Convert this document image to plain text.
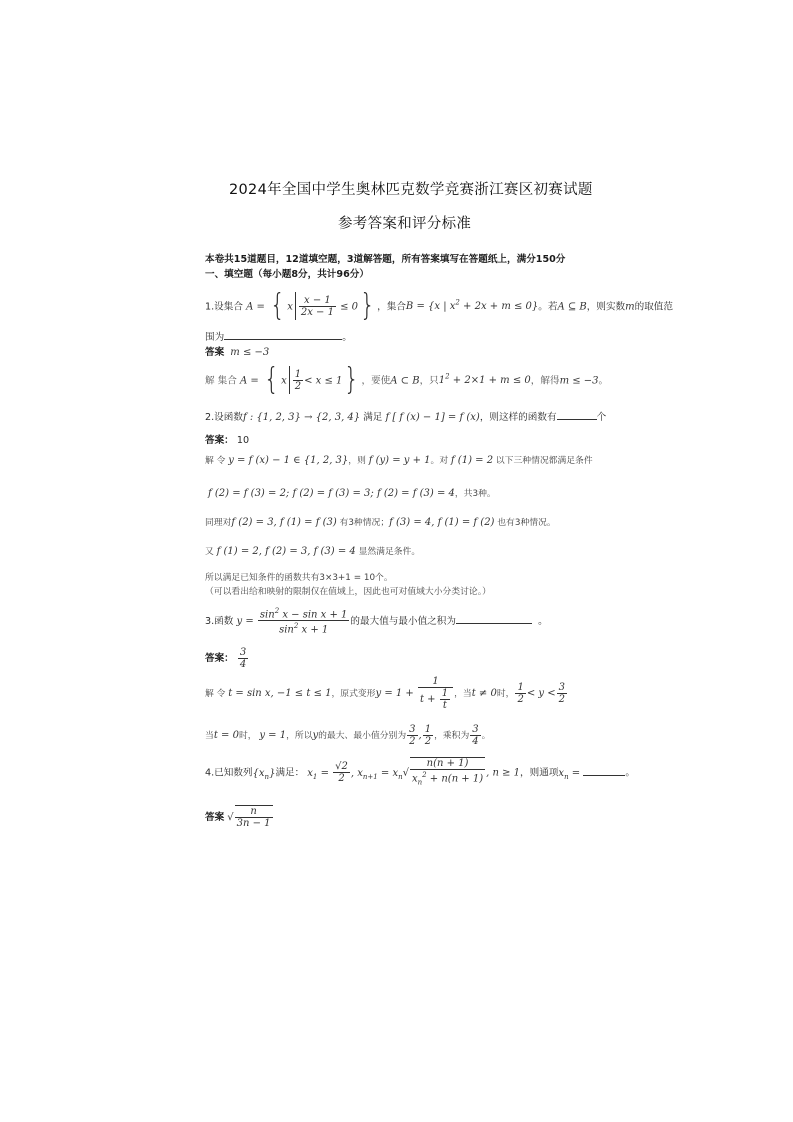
2024年全国中学生奥林匹克数学竞赛浙江赛区初赛试题
参考答案和评分标准
本卷共15道题目，12道填空题，3道解答题，所有答案填写在答题纸上，满分150分
一、填空题（每小题8分，共计96分）
1.设集合 A = { x $\frac{x - 1}{2x - 1} \le 0$} ，集合B = {x | $x^2 + 2x + m \le 0$}。若A ⊆ B，则实数m的取值范
围为	。
答案 m ≤ −3
解 集合 A = { x $\frac{1}{2} < x \le 1$} ，要使A ⊂ B，只$1^2 + 2\times 1 + m \le 0$，解得m ≤ −3。
2.设函数f : {1, 2, 3} → {2, 3, 4} 满足 f [ f (x) − 1] = f (x)，则这样的函数有	个
答案： 10
解 令 y = f (x) − 1 ∈ {1, 2, 3}，则 f (y) = y + 1。对 f (1) = 2 以下三种情况都满足条件
f (2) = f (3) = 2; f (2) = f (3) = 3; f (2) = f (3) = 4，共3种。
同理对f (2) = 3, f (1) = f (3) 有3种情况；f (3) = 4, f (1) = f (2) 也有3种情况。
又 f (1) = 2, f (2) = 3, f (3) = 4 显然满足条件。
所以满足已知条件的函数共有3×3+1 = 10个。
（可以看出给和映射的限制仅在值域上，因此也可对值域大小分类讨论。）
3.函数 $y = \frac{\sin^2 x - \sin x + 1}{\sin^2 x + 1}$ 的最大值与最小值之积为	。
答案： $\frac{3}{4}$
解 令 t = sin x, −1 ≤ t ≤ 1，原式变形$y = 1 + \frac{1}{t + \frac{1}{t}}$ ，当t ≠ 0时， $\frac{1}{2} < y < \frac{3}{2}$
当t = 0时， y = 1，所以y的最大、最小值分别为 $\frac{3}{2}$ , $\frac{1}{2}$ ，乘积为 $\frac{3}{4}$ 。
4.已知数列$\{x_n\}$满足： $x_1 = \frac{√2}{2}$ , $x_{n+1} = x_n√ \frac{n(n + 1)}{x_n^2 + n(n + 1)}$ , n ≥ 1，则通项$x_n$ =	。
答案 √ $\frac{n}{3n - 1}$
